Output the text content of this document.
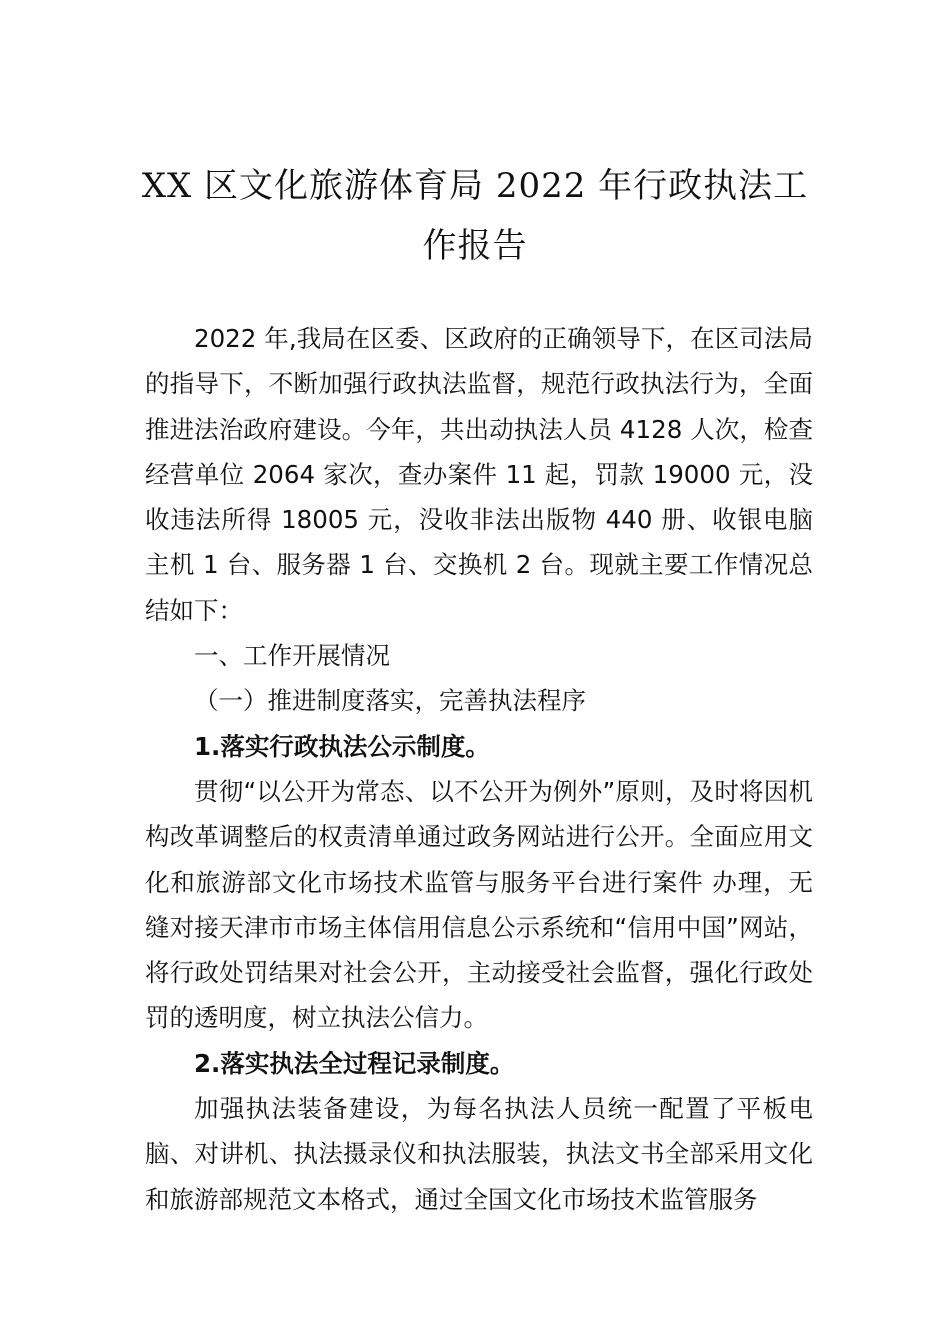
XX 区文化旅游体育局 2022 年行政执法工
作报告

2022 年,我局在区委、区政府的正确领导下，在区司法局的指导下，不断加强行政执法监督，规范行政执法行为，全面推进法治政府建设。今年，共出动执法人员 4128 人次，检查经营单位 2064 家次，查办案件 11 起，罚款 19000 元，没收违法所得 18005 元，没收非法出版物 440 册、收银电脑主机 1 台、服务器 1 台、交换机 2 台。现就主要工作情况总结如下：

一、工作开展情况

（一）推进制度落实，完善执法程序

1.落实行政执法公示制度。

贯彻“以公开为常态、以不公开为例外”原则，及时将因机构改革调整后的权责清单通过政务网站进行公开。全面应用文化和旅游部文化市场技术监管与服务平台进行案件 办理，无缝对接天津市市场主体信用信息公示系统和“信用中国”网站，将行政处罚结果对社会公开，主动接受社会监督，强化行政处罚的透明度，树立执法公信力。

2.落实执法全过程记录制度。

加强执法装备建设，为每名执法人员统一配置了平板电脑、对讲机、执法摄录仪和执法服装，执法文书全部采用文化和旅游部规范文本格式，通过全国文化市场技术监管服务
